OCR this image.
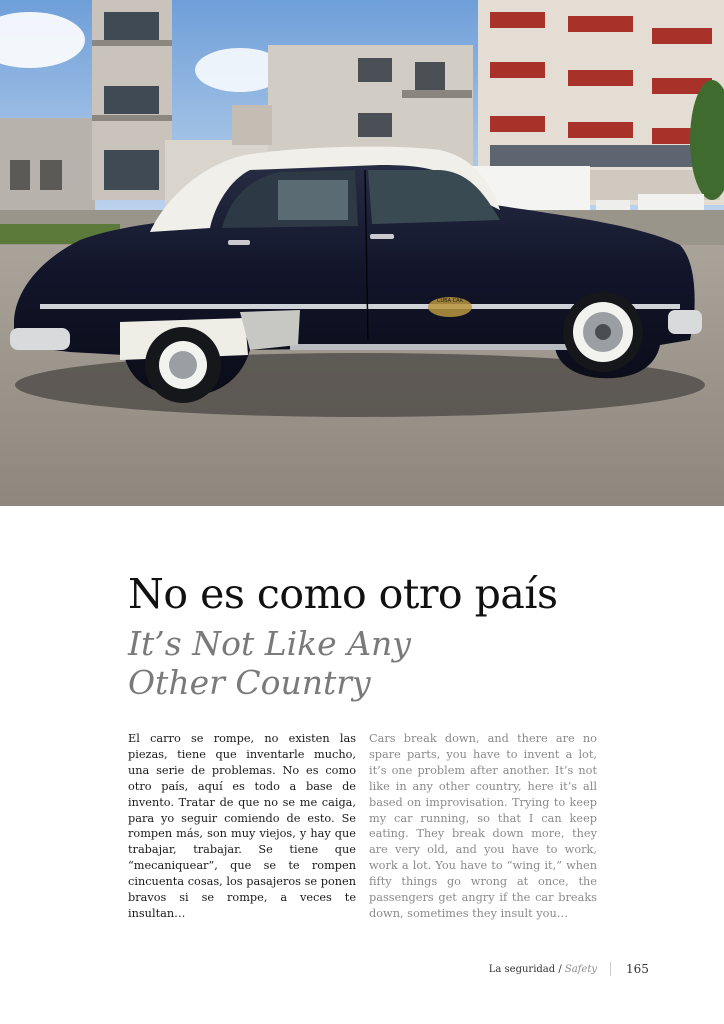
CUBA CAR
No es como otro país
It’s Not Like Any Other Country

El carro se rompe, no existen las piezas, tiene que inventarle mucho, una serie de problemas. No es como otro país, aquí es todo a base de invento. Tratar de que no se me caiga, para yo seguir comiendo de esto. Se rompen más, son muy viejos, y hay que trabajar, trabajar. Se tiene que “mecaniquear”, que se te rompen cincuenta cosas, los pasajeros se ponen bravos si se rompe, a veces te insultan…

Cars break down, and there are no spare parts, you have to invent a lot, it’s one problem after another. It’s not like in any other country, here it’s all based on improvisation. Trying to keep my car running, so that I can keep eating. They break down more, they are very old, and you have to work, work a lot. You have to “wing it,” when fifty things go wrong at once, the passengers get angry if the car breaks down, sometimes they insult you…

La seguridad / Safety 165
